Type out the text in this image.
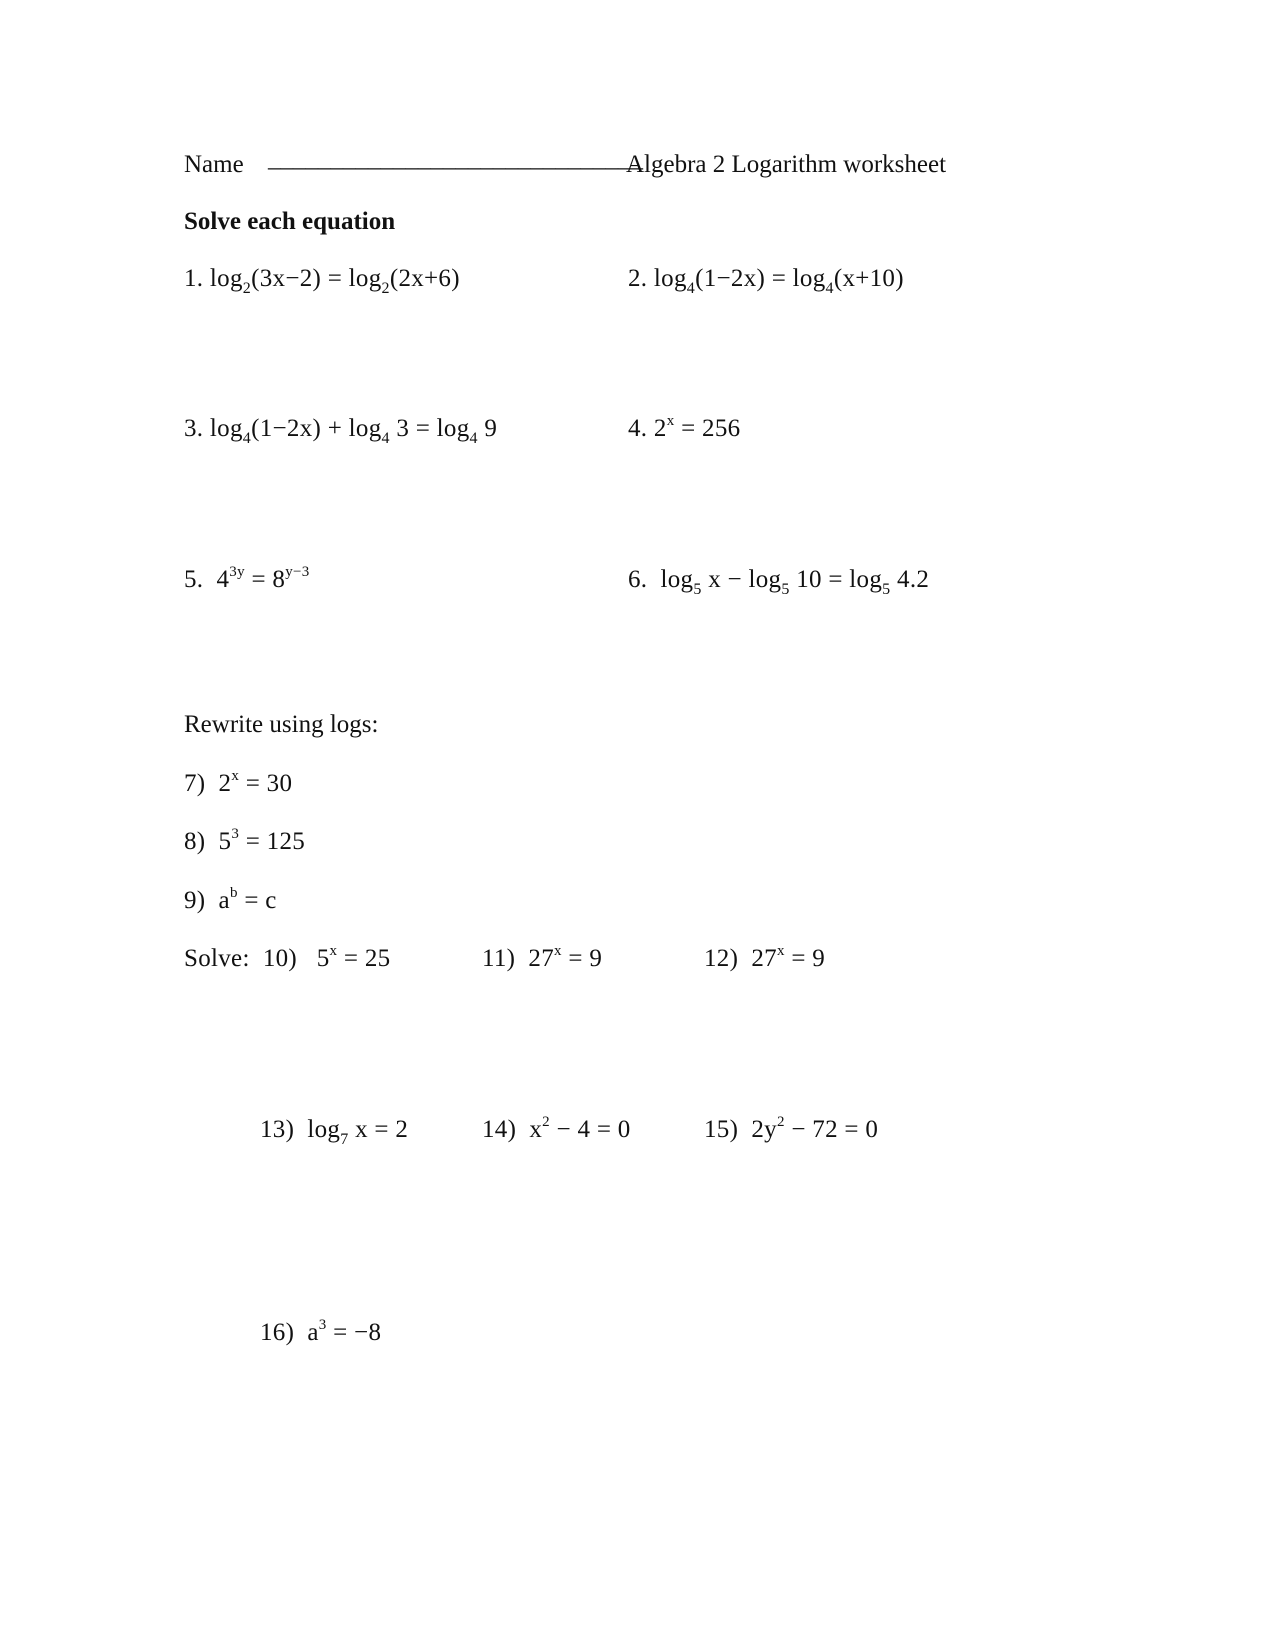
Name ______________________________
Algebra 2 Logarithm worksheet
Solve each equation
1. $\log_2(3x-2) = \log_2(2x+6)$	2. $\log_4(1-2x) = \log_4(x+10)$
3. $\log_4(1-2x) + \log_4 3 = \log_4 9$	4. $2^x = 256$
5. $4^{3y} = 8^{y-3}$	6. $\log_5 x - \log_5 10 = \log_5 4.2$
Rewrite using logs:
7) $2^x = 30$
8) $5^3 = 125$
9) $a^b = c$
Solve: 10) $5^x = 25$	11) $27^x = 9$	12) $27^x = 9$
13) $\log_7 x = 2$	14) $x^2 - 4 = 0$	15) $2y^2 - 72 = 0$
16) $a^3 = -8$
